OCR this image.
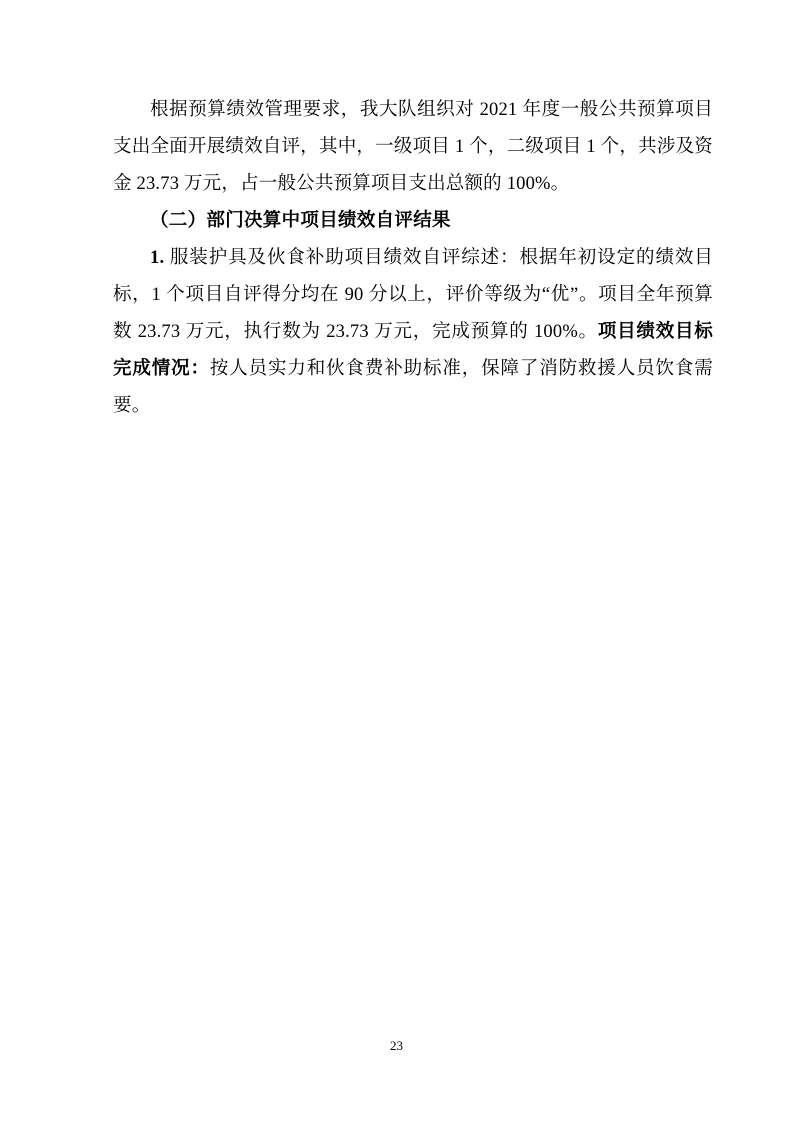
根据预算绩效管理要求，我大队组织对 2021 年度一般公共预算项目支出全面开展绩效自评，其中，一级项目 1 个，二级项目 1 个，共涉及资金 23.73 万元，占一般公共预算项目支出总额的 100%。

（二）部门决算中项目绩效自评结果

1. 服装护具及伙食补助项目绩效自评综述：根据年初设定的绩效目标，1 个项目自评得分均在 90 分以上，评价等级为“优”。项目全年预算数 23.73 万元，执行数为 23.73 万元，完成预算的 100%。项目绩效目标完成情况：按人员实力和伙食费补助标准，保障了消防救援人员饮食需要。

23
